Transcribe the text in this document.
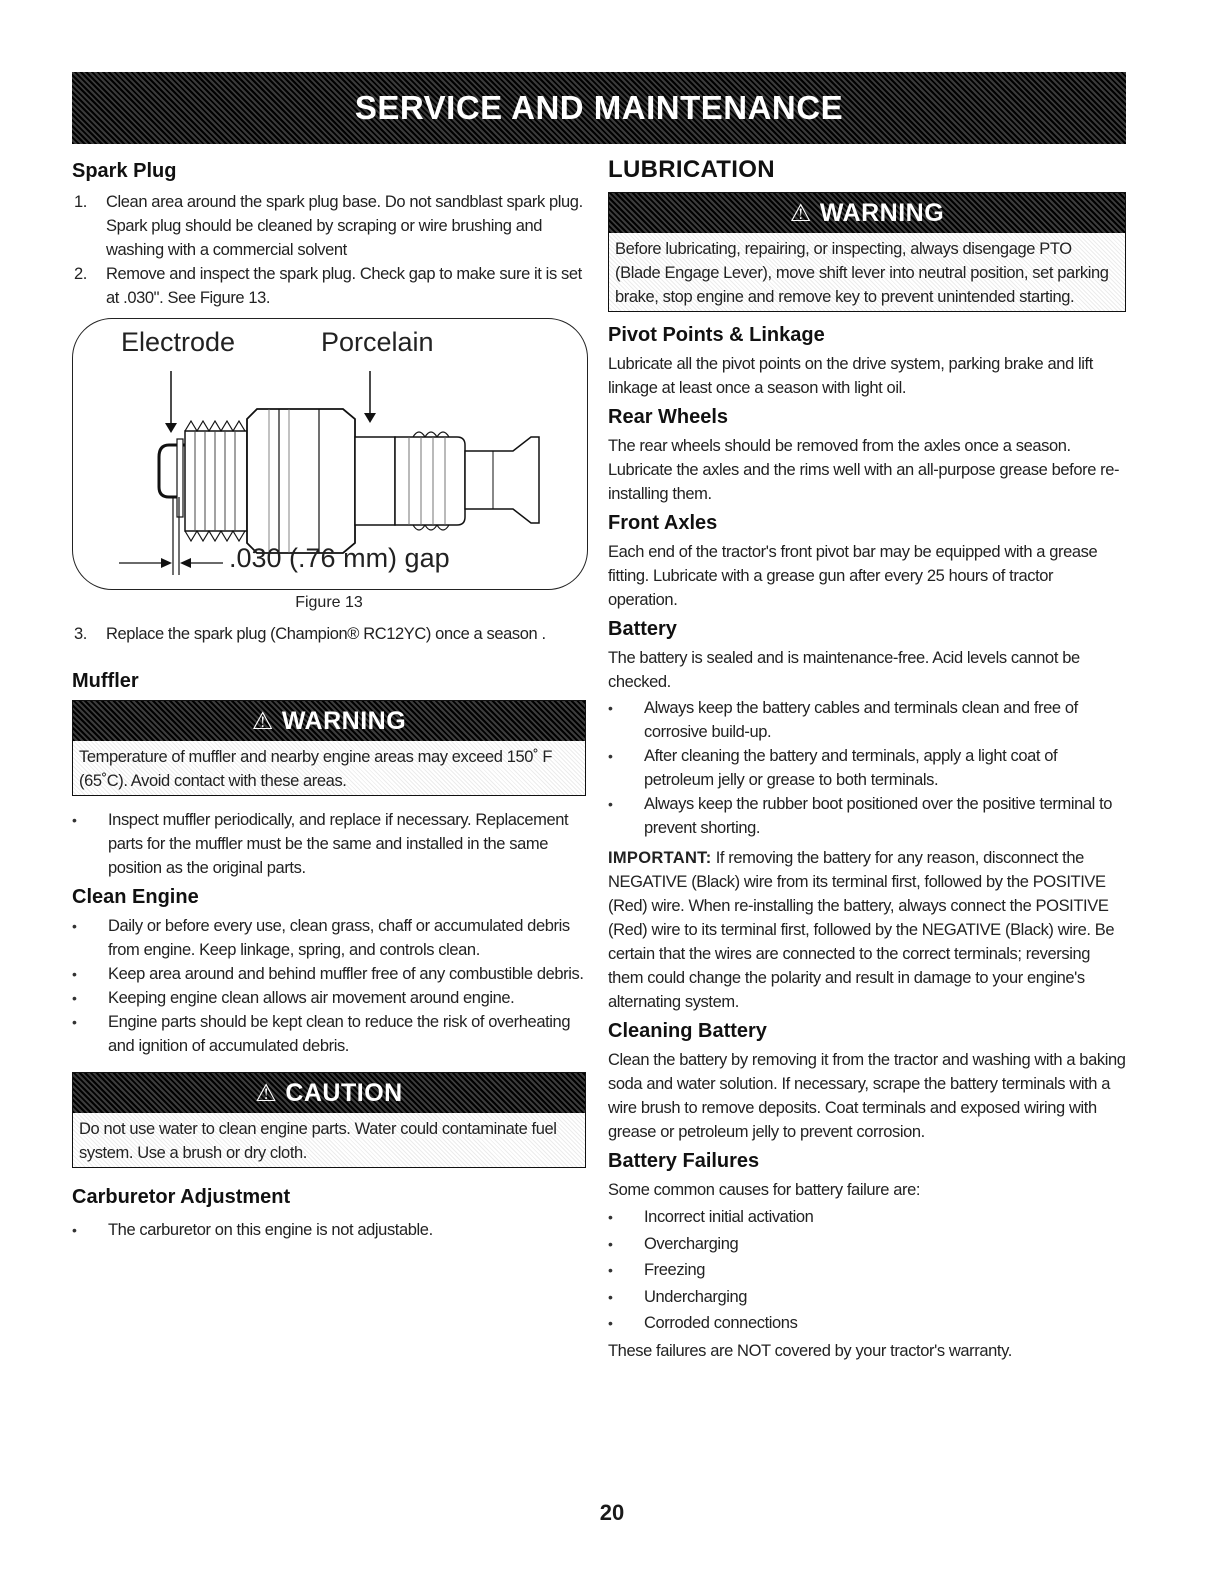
SERVICE AND MAINTENANCE
Spark Plug
1. Clean area around the spark plug base. Do not sandblast spark plug. Spark plug should be cleaned by scraping or wire brushing and washing with a commercial solvent
2. Remove and inspect the spark plug. Check gap to make sure it is set at .030". See Figure 13.
Electrode	Porcelain
.030 (.76 mm) gap
Figure 13
3. Replace the spark plug (Champion® RC12YC) once a season .
Muffler
⚠ WARNING
Temperature of muffler and nearby engine areas may exceed 150˚ F (65˚C). Avoid contact with these areas.
• Inspect muffler periodically, and replace if necessary. Replacement parts for the muffler must be the same and installed in the same position as the original parts.
Clean Engine
• Daily or before every use, clean grass, chaff or accumulated debris from engine. Keep linkage, spring, and controls clean.
• Keep area around and behind muffler free of any combustible debris.
• Keeping engine clean allows air movement around engine.
• Engine parts should be kept clean to reduce the risk of overheating and ignition of accumulated debris.
⚠ CAUTION
Do not use water to clean engine parts. Water could contaminate fuel system. Use a brush or dry cloth.
Carburetor Adjustment
• The carburetor on this engine is not adjustable.
LUBRICATION
⚠ WARNING
Before lubricating, repairing, or inspecting, always disengage PTO (Blade Engage Lever), move shift lever into neutral position, set parking brake, stop engine and remove key to prevent unintended starting.
Pivot Points & Linkage

Lubricate all the pivot points on the drive system, parking brake and lift linkage at least once a season with light oil.

Rear Wheels

The rear wheels should be removed from the axles once a season. Lubricate the axles and the rims well with an all-purpose grease before re-installing them.

Front Axles

Each end of the tractor's front pivot bar may be equipped with a grease fitting. Lubricate with a grease gun after every 25 hours of tractor operation.

Battery

The battery is sealed and is maintenance-free. Acid levels cannot be checked.

• Always keep the battery cables and terminals clean and free of corrosive build-up.
• After cleaning the battery and terminals, apply a light coat of petroleum jelly or grease to both terminals.
• Always keep the rubber boot positioned over the positive terminal to prevent shorting.

IMPORTANT: If removing the battery for any reason, disconnect the NEGATIVE (Black) wire from its terminal first, followed by the POSITIVE (Red) wire. When re-installing the battery, always connect the POSITIVE (Red) wire to its terminal first, followed by the NEGATIVE (Black) wire. Be certain that the wires are connected to the correct terminals; reversing them could change the polarity and result in damage to your engine's alternating system.

Cleaning Battery

Clean the battery by removing it from the tractor and washing with a baking soda and water solution. If necessary, scrape the battery terminals with a wire brush to remove deposits. Coat terminals and exposed wiring with grease or petroleum jelly to prevent corrosion.

Battery Failures

Some common causes for battery failure are:

• Incorrect initial activation
• Overcharging
• Freezing
• Undercharging
• Corroded connections

These failures are NOT covered by your tractor's warranty.

20
